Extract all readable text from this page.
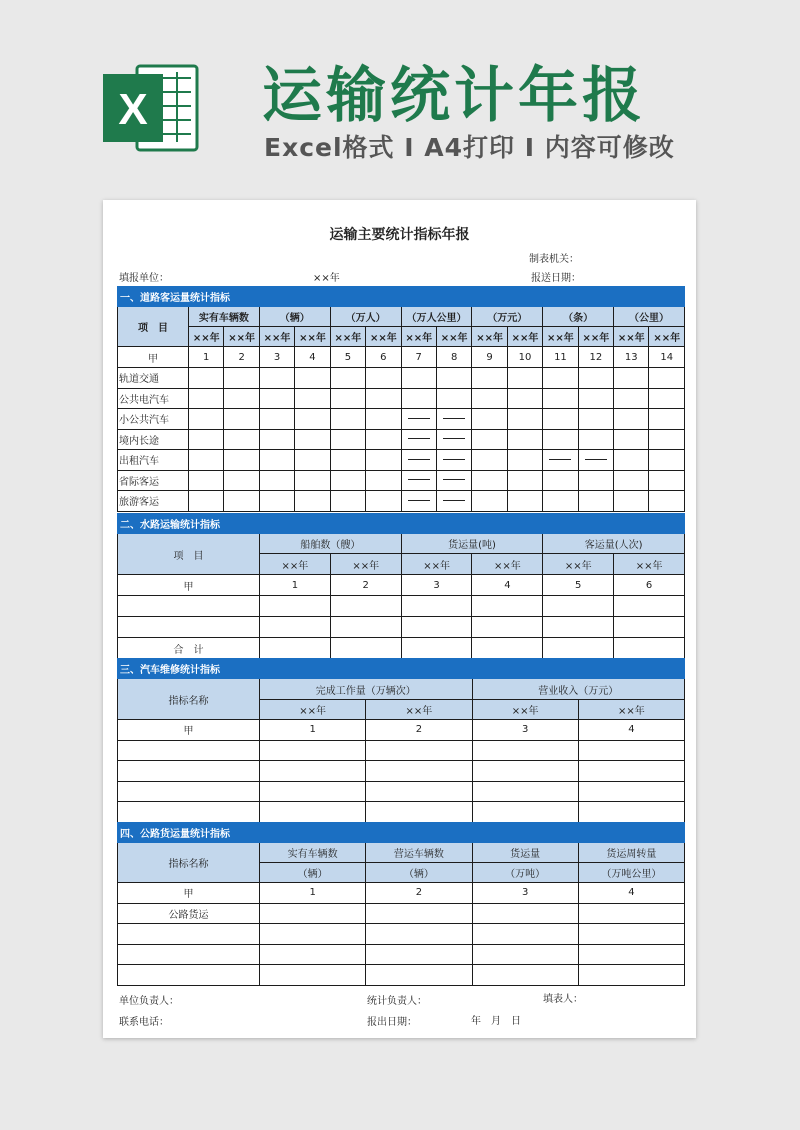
X 运输统计年报
Excel格式 I A4打印 I 内容可修改
运输主要统计指标年报
制表机关：
填报单位：	××年	报送日期：
一、道路客运量统计指标														
项　目	实有车辆数		（辆）		（万人）		（万人公里）		（万元）		（条）		（公里）	
	××年	××年	××年	××年	××年	××年	××年	××年	××年	××年	××年	××年	××年	××年
甲	1	2	3	4	5	6	7	8	9	10	11	12	13	14
轨道交通														
公共电汽车														
小公共汽车														
境内长途														
出租汽车														
省际客运														
旅游客运														
二、水路运输统计指标						
项　目	船舶数（艘）		货运量(吨)		客运量(人次)	
	××年	××年	××年	××年	××年	××年
甲	1	2	3	4	5	6

合　计						
三、汽车维修统计指标				
指标名称	完成工作量（万辆次）		营业收入（万元）	
	××年	××年	××年	××年
甲	1	2	3	4

四、公路货运量统计指标				
指标名称	实有车辆数	营运车辆数	货运量	货运周转量
	（辆）	（辆）	（万吨）	（万吨公里）
甲	1	2	3	4
公路货运				

单位负责人：	统计负责人：	填表人：
联系电话：	报出日期：	年　月　日
